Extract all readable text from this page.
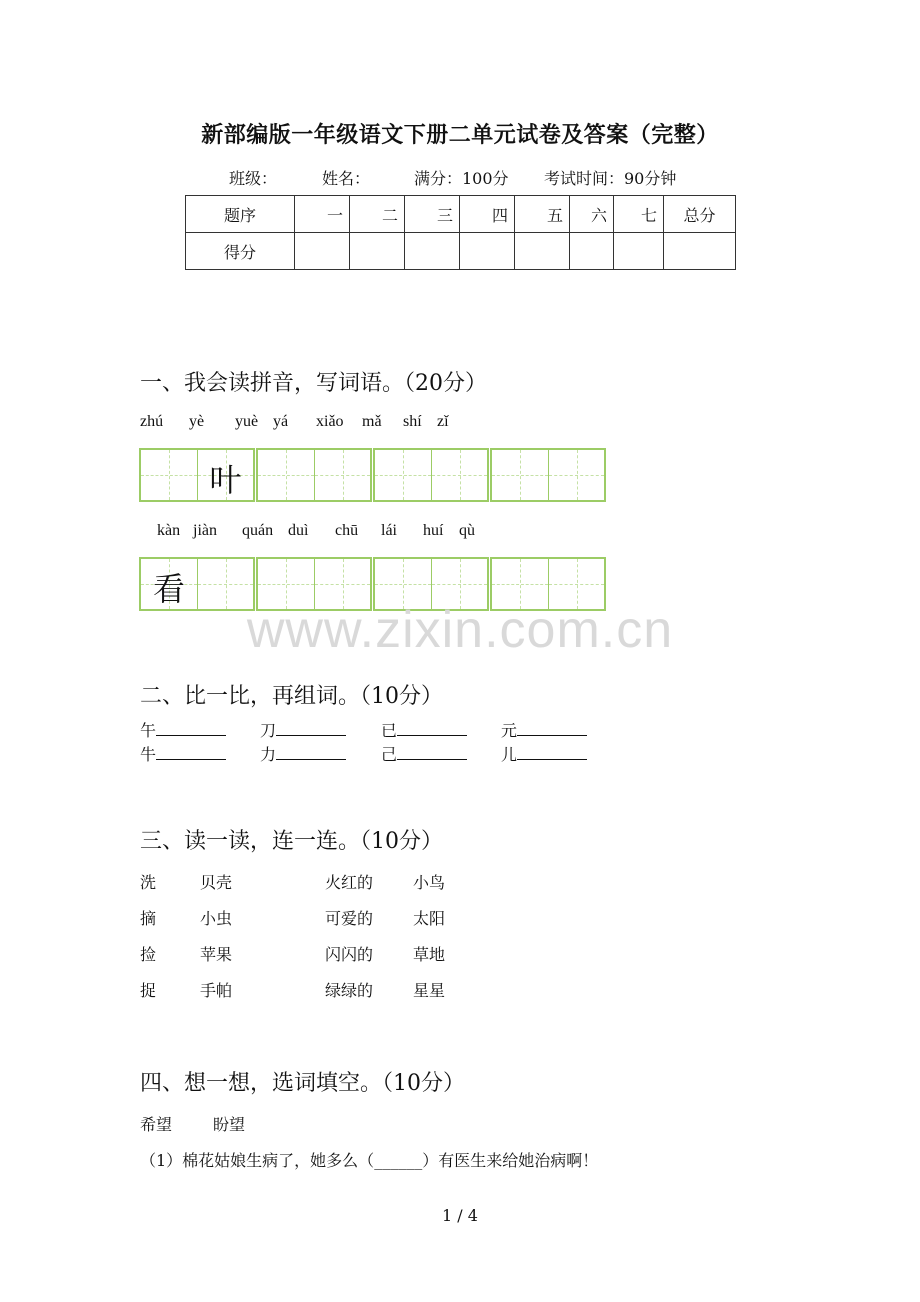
新部编版一年级语文下册二单元试卷及答案（完整）
班级：	姓名：	满分：100分 考试时间：90分钟
题序	一	二	三	四	五	六	七	总分
得分								
一、我会读拼音，写词语。（20分）
zhú yè yuè yá xiǎo mǎ shí zǐ
叶
kàn jiàn quán duì chū lái huí qù
看
www.zixin.com.cn
二、比一比，再组词。（10分）
午	刀	已	元
牛	力	己	儿
三、读一读，连一连。（10分）
洗	贝壳	火红的 小鸟
摘	小虫	可爱的 太阳
捡	苹果	闪闪的 草地
捉	手帕	绿绿的 星星
四、想一想，选词填空。（10分）
希望	盼望
（1）棉花姑娘生病了，她多么（______）有医生来给她治病啊！
1 / 4
